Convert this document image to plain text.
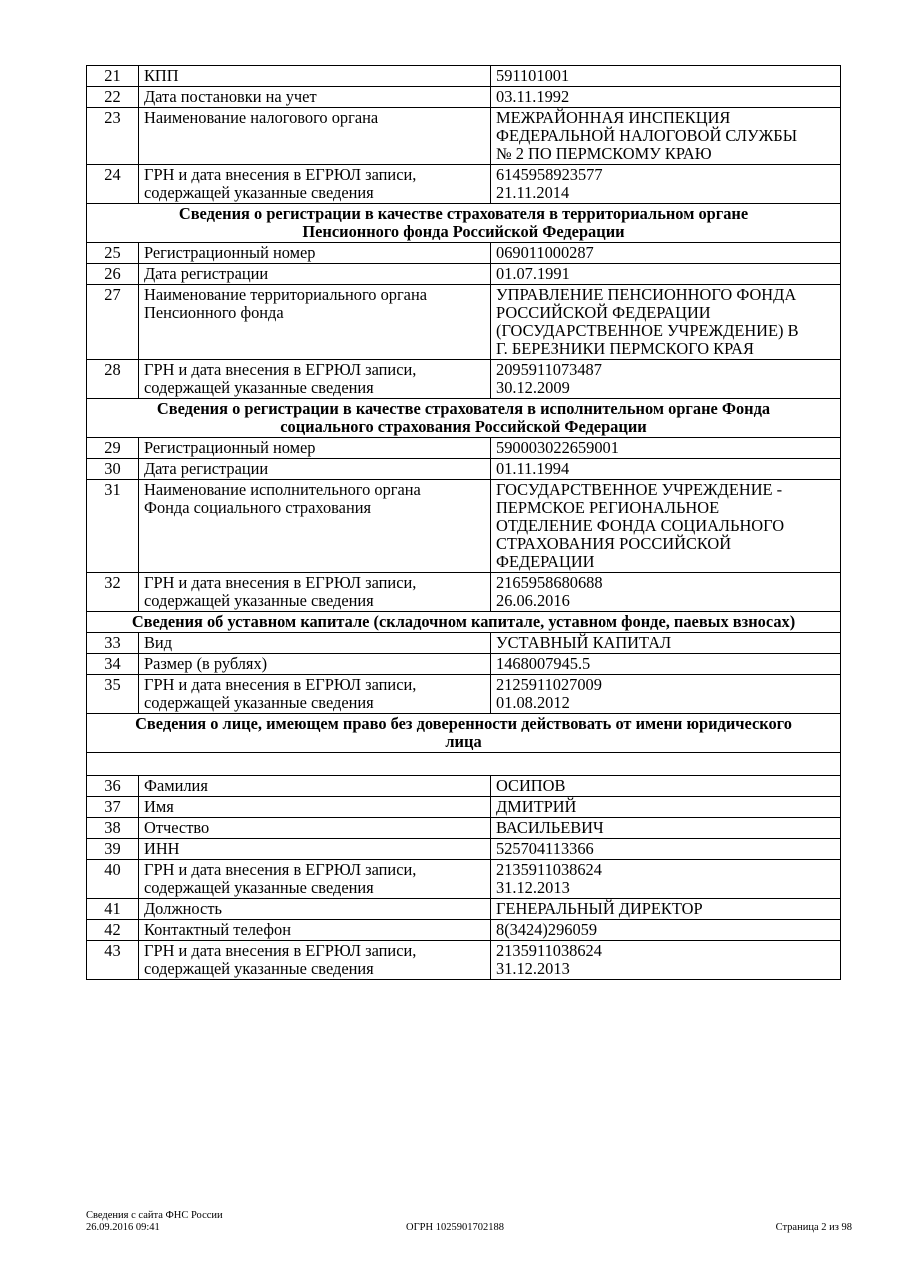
21	КПП	591101001
22	Дата постановки на учет	03.11.1992
23	Наименование налогового органа	МЕЖРАЙОННАЯ ИНСПЕКЦИЯ
ФЕДЕРАЛЬНОЙ НАЛОГОВОЙ СЛУЖБЫ
№ 2 ПО ПЕРМСКОМУ КРАЮ
24	ГРН и дата внесения в ЕГРЮЛ записи,
содержащей указанные сведения	6145958923577
21.11.2014
Сведения о регистрации в качестве страхователя в территориальном органе
Пенсионного фонда Российской Федерации		
25	Регистрационный номер	069011000287
26	Дата регистрации	01.07.1991
27	Наименование территориального органа
Пенсионного фонда	УПРАВЛЕНИЕ ПЕНСИОННОГО ФОНДА
РОССИЙСКОЙ ФЕДЕРАЦИИ
(ГОСУДАРСТВЕННОЕ УЧРЕЖДЕНИЕ) В
Г. БЕРЕЗНИКИ ПЕРМСКОГО КРАЯ
28	ГРН и дата внесения в ЕГРЮЛ записи,
содержащей указанные сведения	2095911073487
30.12.2009
Сведения о регистрации в качестве страхователя в исполнительном органе Фонда
социального страхования Российской Федерации		
29	Регистрационный номер	590003022659001
30	Дата регистрации	01.11.1994
31	Наименование исполнительного органа
Фонда социального страхования	ГОСУДАРСТВЕННОЕ УЧРЕЖДЕНИЕ -
ПЕРМСКОЕ РЕГИОНАЛЬНОЕ
ОТДЕЛЕНИЕ ФОНДА СОЦИАЛЬНОГО
СТРАХОВАНИЯ РОССИЙСКОЙ
ФЕДЕРАЦИИ
32	ГРН и дата внесения в ЕГРЮЛ записи,
содержащей указанные сведения	2165958680688
26.06.2016
Сведения об уставном капитале (складочном капитале, уставном фонде, паевых взносах)		
33	Вид	УСТАВНЫЙ КАПИТАЛ
34	Размер (в рублях)	1468007945.5
35	ГРН и дата внесения в ЕГРЮЛ записи,
содержащей указанные сведения	2125911027009
01.08.2012
Сведения о лице, имеющем право без доверенности действовать от имени юридического
лица		

36	Фамилия	ОСИПОВ
37	Имя	ДМИТРИЙ
38	Отчество	ВАСИЛЬЕВИЧ
39	ИНН	525704113366
40	ГРН и дата внесения в ЕГРЮЛ записи,
содержащей указанные сведения	2135911038624
31.12.2013
41	Должность	ГЕНЕРАЛЬНЫЙ ДИРЕКТОР
42	Контактный телефон	8(3424)296059
43	ГРН и дата внесения в ЕГРЮЛ записи,
содержащей указанные сведения	2135911038624
31.12.2013
Сведения с сайта ФНС России
26.09.2016 09:41	ОГРН 1025901702188	Страница 2 из 98
